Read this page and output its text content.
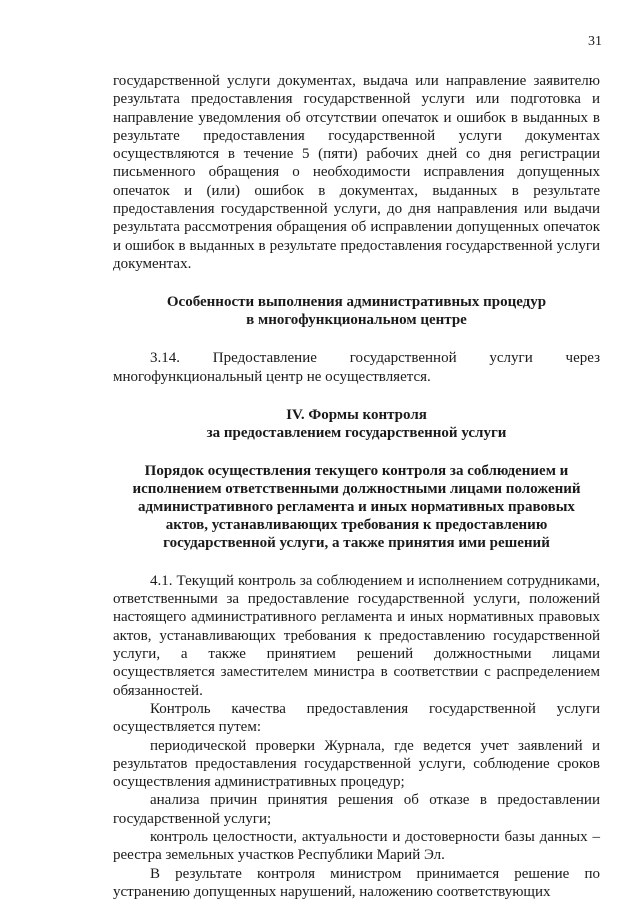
31

государственной услуги документах, выдача или направление заявителю результата предоставления государственной услуги или подготовка и направление уведомления об отсутствии опечаток и ошибок в выданных в результате предоставления государственной услуги документах осуществляются в течение 5 (пяти) рабочих дней со дня регистрации письменного обращения о необходимости исправления допущенных опечаток и (или) ошибок в документах, выданных в результате предоставления государственной услуги, до дня направления или выдачи результата рассмотрения обращения об исправлении допущенных опечаток и ошибок в выданных в результате предоставления государственной услуги документах.

Особенности выполнения административных процедур
в многофункциональном центре

3.14. Предоставление государственной услуги через многофункциональный центр не осуществляется.

IV. Формы контроля
за предоставлением государственной услуги
Порядок осуществления текущего контроля за соблюдением и
исполнением ответственными должностными лицами положений
административного регламента и иных нормативных правовых
актов, устанавливающих требования к предоставлению
государственной услуги, а также принятия ими решений

4.1. Текущий контроль за соблюдением и исполнением сотрудниками, ответственными за предоставление государственной услуги, положений настоящего административного регламента и иных нормативных правовых актов, устанавливающих требования к предоставлению государственной услуги, а также принятием решений должностными лицами осуществляется заместителем министра в соответствии с распределением обязанностей.

Контроль качества предоставления государственной услуги осуществляется путем:

периодической проверки Журнала, где ведется учет заявлений и результатов предоставления государственной услуги, соблюдение сроков осуществления административных процедур;

анализа причин принятия решения об отказе в предоставлении государственной услуги;

контроль целостности, актуальности и достоверности базы данных – реестра земельных участков Республики Марий Эл.

В результате контроля министром принимается решение по устранению допущенных нарушений, наложению соответствующих
